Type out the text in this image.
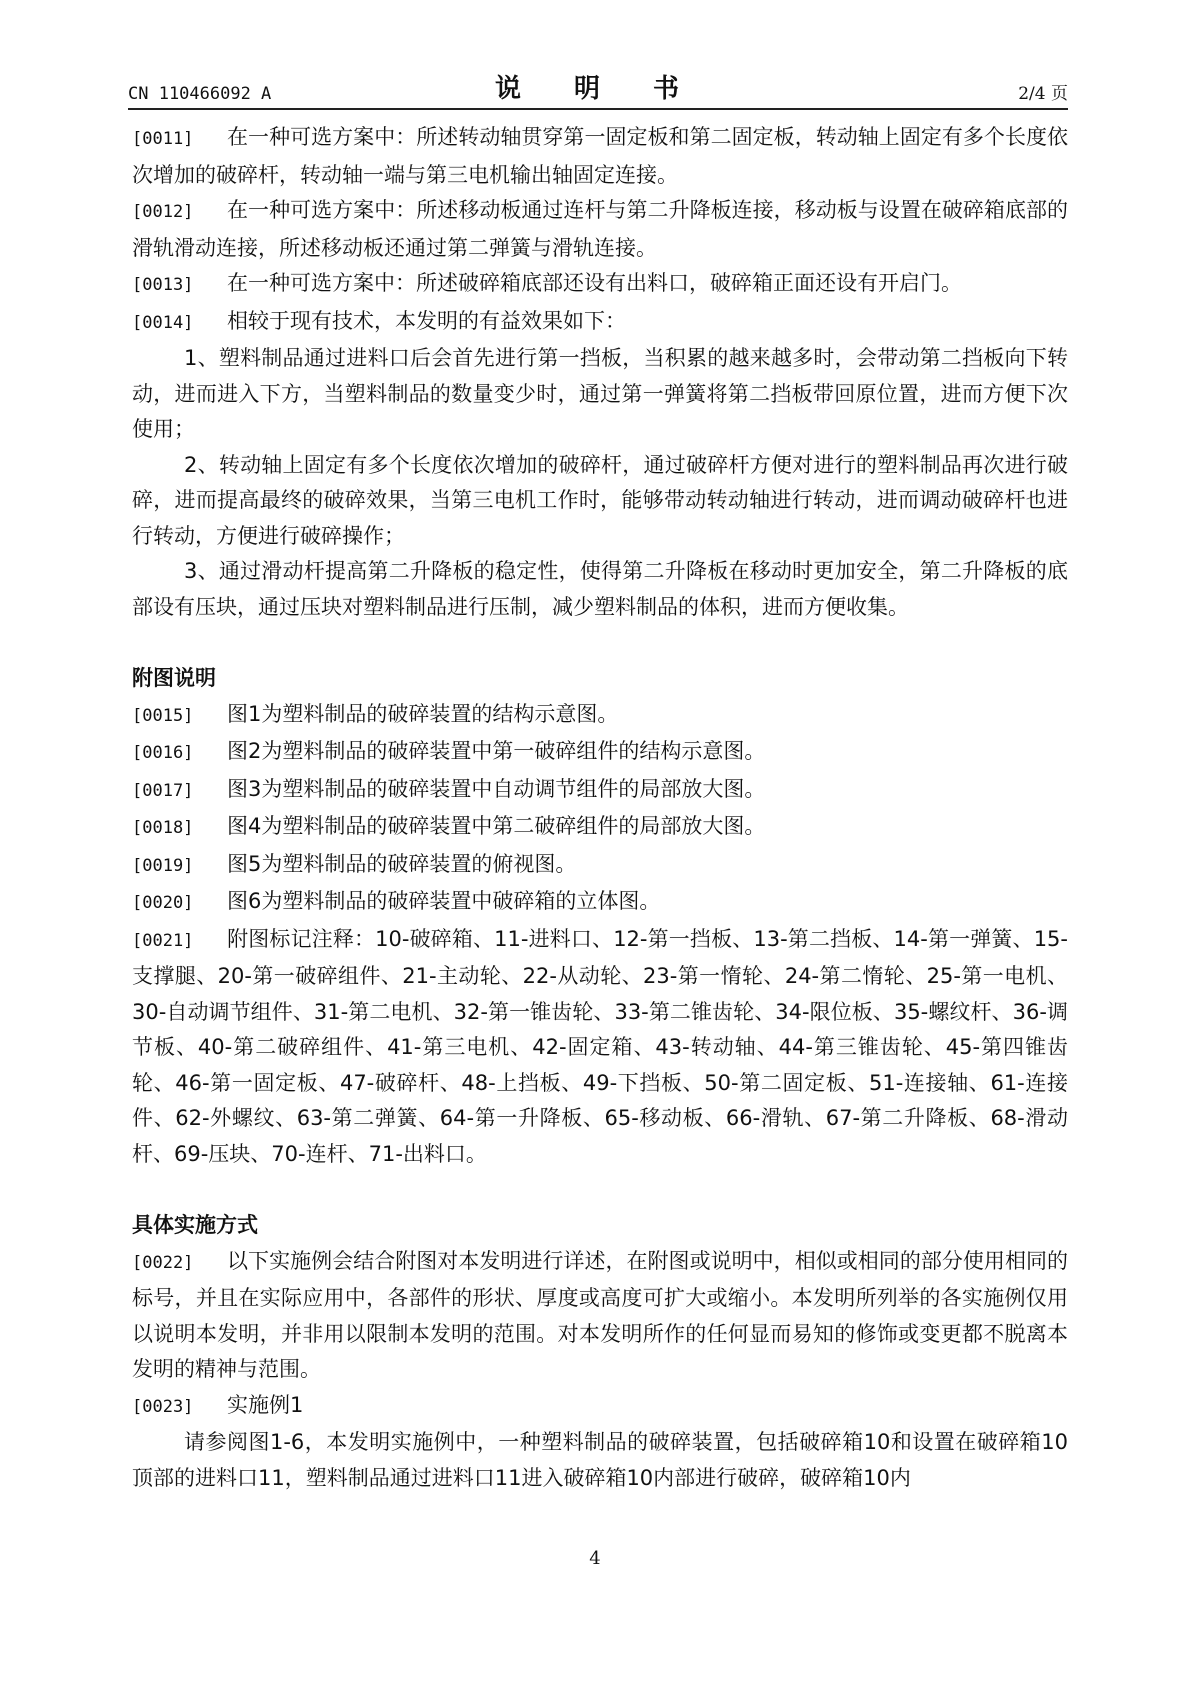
CN 110466092 A	说 明 书	2/4 页

[0011] 在一种可选方案中：所述转动轴贯穿第一固定板和第二固定板，转动轴上固定有多个长度依次增加的破碎杆，转动轴一端与第三电机输出轴固定连接。

[0012] 在一种可选方案中：所述移动板通过连杆与第二升降板连接，移动板与设置在破碎箱底部的滑轨滑动连接，所述移动板还通过第二弹簧与滑轨连接。

[0013] 在一种可选方案中：所述破碎箱底部还设有出料口，破碎箱正面还设有开启门。

[0014] 相较于现有技术，本发明的有益效果如下：

1、塑料制品通过进料口后会首先进行第一挡板，当积累的越来越多时，会带动第二挡板向下转动，进而进入下方，当塑料制品的数量变少时，通过第一弹簧将第二挡板带回原位置，进而方便下次使用；

2、转动轴上固定有多个长度依次增加的破碎杆，通过破碎杆方便对进行的塑料制品再次进行破碎，进而提高最终的破碎效果，当第三电机工作时，能够带动转动轴进行转动，进而调动破碎杆也进行转动，方便进行破碎操作；

3、通过滑动杆提高第二升降板的稳定性，使得第二升降板在移动时更加安全，第二升降板的底部设有压块，通过压块对塑料制品进行压制，减少塑料制品的体积，进而方便收集。

附图说明

[0015] 图1为塑料制品的破碎装置的结构示意图。

[0016] 图2为塑料制品的破碎装置中第一破碎组件的结构示意图。

[0017] 图3为塑料制品的破碎装置中自动调节组件的局部放大图。

[0018] 图4为塑料制品的破碎装置中第二破碎组件的局部放大图。

[0019] 图5为塑料制品的破碎装置的俯视图。

[0020] 图6为塑料制品的破碎装置中破碎箱的立体图。

[0021] 附图标记注释：10-破碎箱、11-进料口、12-第一挡板、13-第二挡板、14-第一弹簧、15-支撑腿、20-第一破碎组件、21-主动轮、22-从动轮、23-第一惰轮、24-第二惰轮、25-第一电机、30-自动调节组件、31-第二电机、32-第一锥齿轮、33-第二锥齿轮、34-限位板、35-螺纹杆、36-调节板、40-第二破碎组件、41-第三电机、42-固定箱、43-转动轴、44-第三锥齿轮、45-第四锥齿轮、46-第一固定板、47-破碎杆、48-上挡板、49-下挡板、50-第二固定板、51-连接轴、61-连接件、62-外螺纹、63-第二弹簧、64-第一升降板、65-移动板、66-滑轨、67-第二升降板、68-滑动杆、69-压块、70-连杆、71-出料口。

具体实施方式

[0022] 以下实施例会结合附图对本发明进行详述，在附图或说明中，相似或相同的部分使用相同的标号，并且在实际应用中，各部件的形状、厚度或高度可扩大或缩小。本发明所列举的各实施例仅用以说明本发明，并非用以限制本发明的范围。对本发明所作的任何显而易知的修饰或变更都不脱离本发明的精神与范围。

[0023] 实施例1

请参阅图1-6，本发明实施例中，一种塑料制品的破碎装置，包括破碎箱10和设置在破碎箱10顶部的进料口11，塑料制品通过进料口11进入破碎箱10内部进行破碎，破碎箱10内

4
